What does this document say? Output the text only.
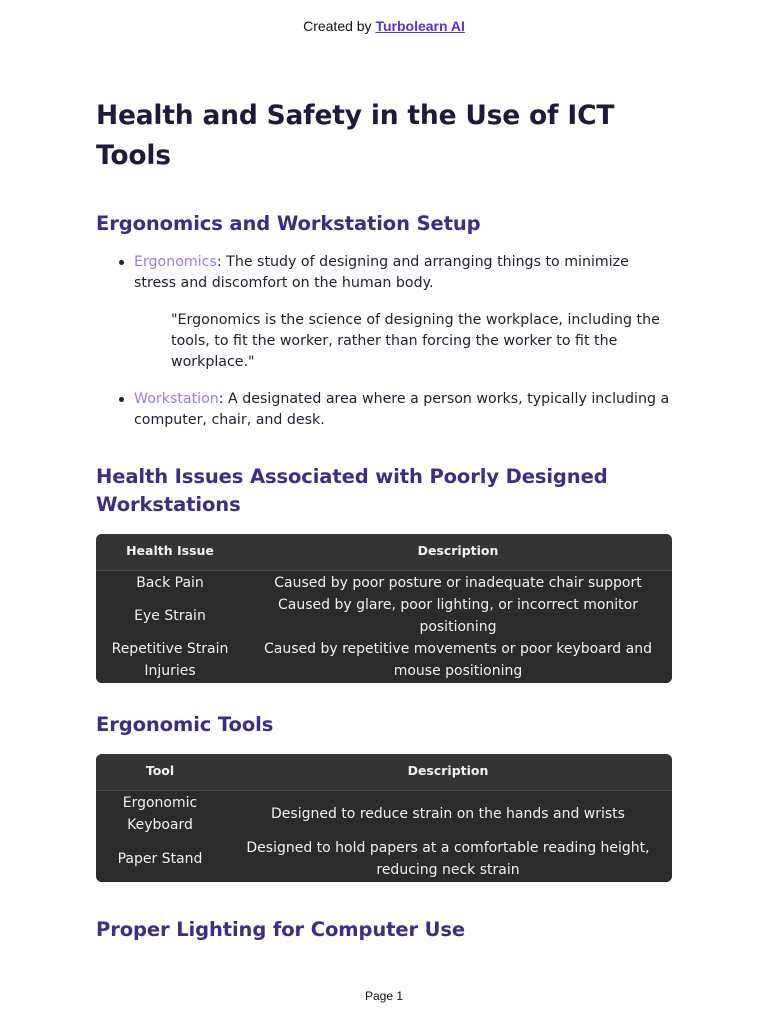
Created by Turbolearn AI
Health and Safety in the Use of ICT Tools
Ergonomics and Workstation Setup
Ergonomics: The study of designing and arranging things to minimize stress and discomfort on the human body.
"Ergonomics is the science of designing the workplace, including the tools, to fit the worker, rather than forcing the worker to fit the workplace."
Workstation: A designated area where a person works, typically including a computer, chair, and desk.
Health Issues Associated with Poorly Designed Workstations
Health Issue	Description
Back Pain	Caused by poor posture or inadequate chair support
Eye Strain	Caused by glare, poor lighting, or incorrect monitor positioning
Repetitive Strain Injuries	Caused by repetitive movements or poor keyboard and mouse positioning
Ergonomic Tools
Tool	Description
Ergonomic Keyboard	Designed to reduce strain on the hands and wrists
Paper Stand	Designed to hold papers at a comfortable reading height, reducing neck strain
Proper Lighting for Computer Use
Page 1
